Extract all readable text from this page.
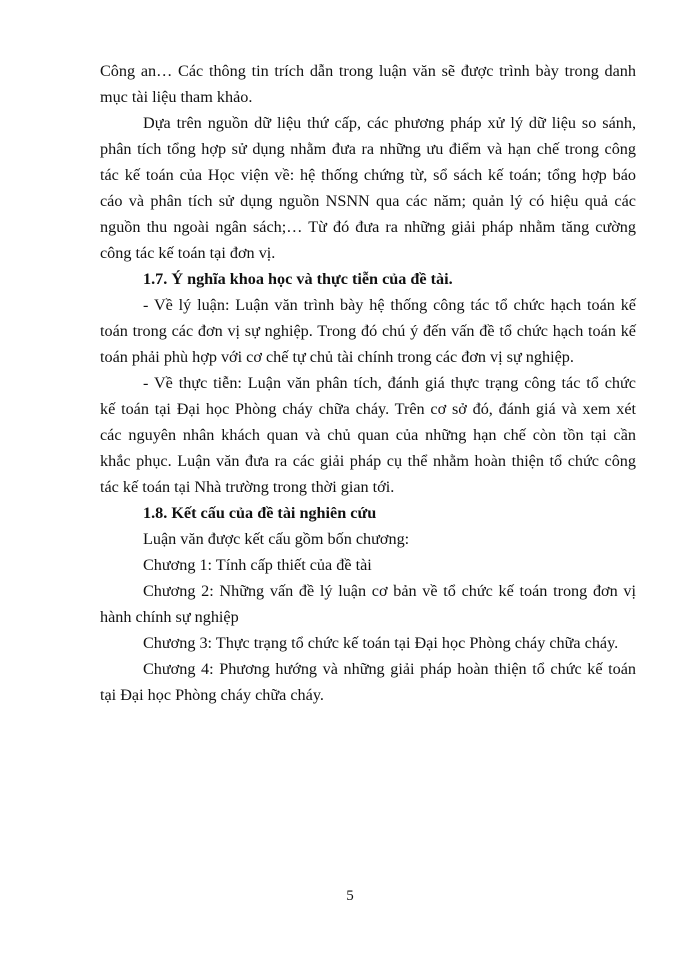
Công an… Các thông tin trích dẫn trong luận văn sẽ được trình bày trong danh
mục tài liệu tham khảo.

Dựa trên nguồn dữ liệu thứ cấp, các phương pháp xử lý dữ liệu so sánh,
phân tích tổng hợp sử dụng nhằm đưa ra những ưu điểm và hạn chế trong công
tác kế toán của Học viện về: hệ thống chứng từ, sổ sách kế toán; tổng hợp báo
cáo và phân tích sử dụng nguồn NSNN qua các năm; quản lý có hiệu quả các
nguồn thu ngoài ngân sách;… Từ đó đưa ra những giải pháp nhằm tăng cường
công tác kế toán tại đơn vị.

1.7. Ý nghĩa khoa học và thực tiễn của đề tài.

- Về lý luận: Luận văn trình bày hệ thống công tác tổ chức hạch toán kế
toán trong các đơn vị sự nghiệp. Trong đó chú ý đến vấn đề tổ chức hạch toán kế
toán phải phù hợp với cơ chế tự chủ tài chính trong các đơn vị sự nghiệp.

- Về thực tiễn: Luận văn phân tích, đánh giá thực trạng công tác tổ chức
kế toán tại Đại học Phòng cháy chữa cháy. Trên cơ sở đó, đánh giá và xem xét
các nguyên nhân khách quan và chủ quan của những hạn chế còn tồn tại cần
khắc phục. Luận văn đưa ra các giải pháp cụ thể nhằm hoàn thiện tổ chức công
tác kế toán tại Nhà trường trong thời gian tới.

1.8. Kết cấu của đề tài nghiên cứu

Luận văn được kết cấu gồm bốn chương:

Chương 1: Tính cấp thiết của đề tài

Chương 2: Những vấn đề lý luận cơ bản về tổ chức kế toán trong đơn vị
hành chính sự nghiệp

Chương 3: Thực trạng tổ chức kế toán tại Đại học Phòng cháy chữa cháy.

Chương 4: Phương hướng và những giải pháp hoàn thiện tổ chức kế toán
tại Đại học Phòng cháy chữa cháy.

5
